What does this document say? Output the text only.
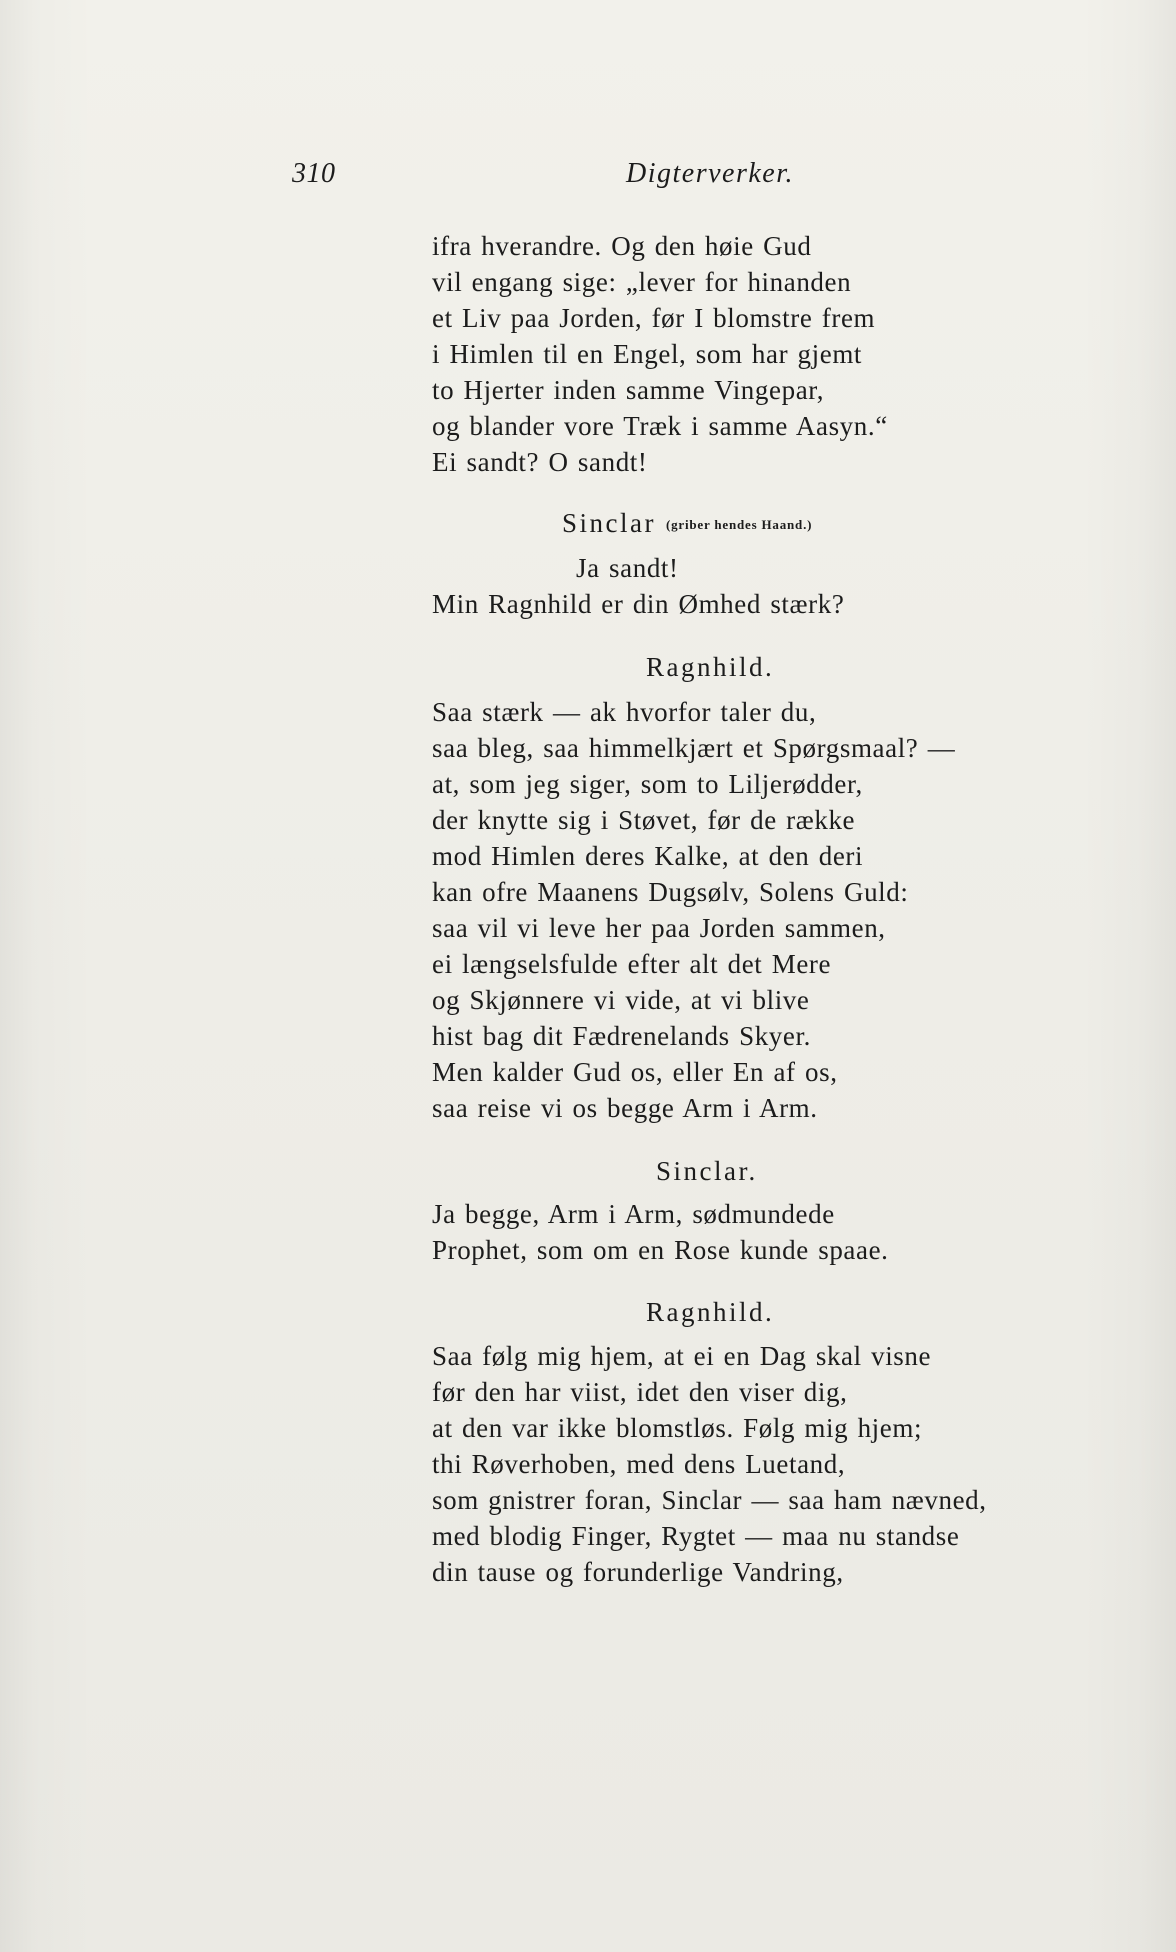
310	Digterverker.
ifra hverandre. Og den høie Gud
vil engang sige: „lever for hinanden
et Liv paa Jorden, før I blomstre frem
i Himlen til en Engel, som har gjemt
to Hjerter inden samme Vingepar,
og blander vore Træk i samme Aasyn.“
Ei sandt? O sandt!
Sinclar (griber hendes Haand.)
Ja sandt!
Min Ragnhild er din Ømhed stærk?
Ragnhild.
Saa stærk — ak hvorfor taler du,
saa bleg, saa himmelkjært et Spørgsmaal? —
at, som jeg siger, som to Liljerødder,
der knytte sig i Støvet, før de række
mod Himlen deres Kalke, at den deri
kan ofre Maanens Dugsølv, Solens Guld:
saa vil vi leve her paa Jorden sammen,
ei længselsfulde efter alt det Mere
og Skjønnere vi vide, at vi blive
hist bag dit Fædrenelands Skyer.
Men kalder Gud os, eller En af os,
saa reise vi os begge Arm i Arm.
Sinclar.
Ja begge, Arm i Arm, sødmundede
Prophet, som om en Rose kunde spaae.
Ragnhild.
Saa følg mig hjem, at ei en Dag skal visne
før den har viist, idet den viser dig,
at den var ikke blomstløs. Følg mig hjem;
thi Røverhoben, med dens Luetand,
som gnistrer foran, Sinclar — saa ham nævned,
med blodig Finger, Rygtet — maa nu standse
din tause og forunderlige Vandring,
